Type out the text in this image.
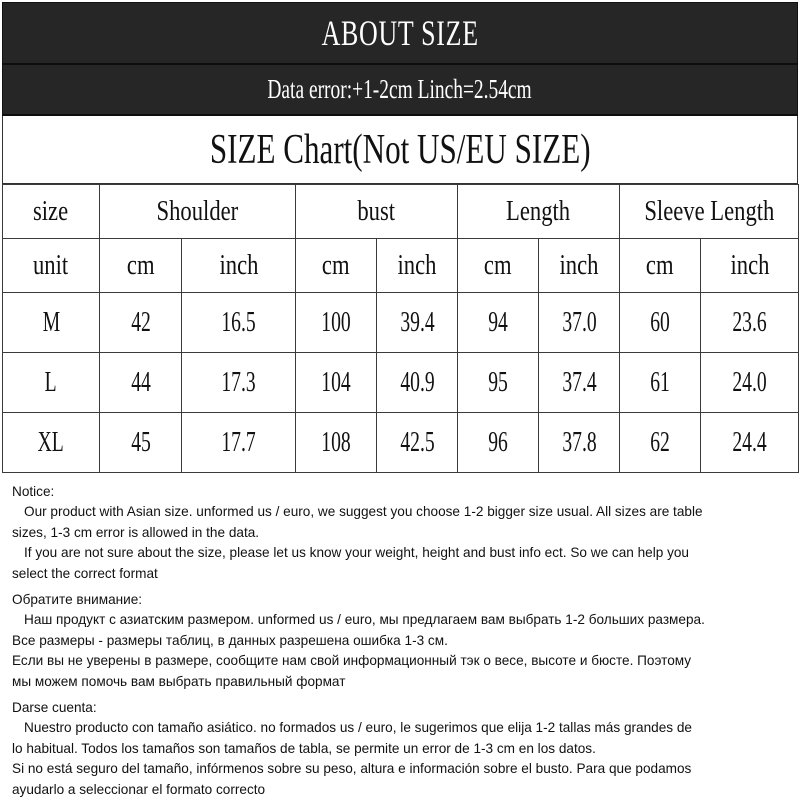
ABOUT SIZE
Data error:+1-2cm Linch=2.54cm
SIZE Chart(Not US/EU SIZE)
size	Shoulder		bust		Length		Sleeve Length	
unit	cm	inch	cm	inch	cm	inch	cm	inch
M	42	16.5	100	39.4	94	37.0	60	23.6
L	44	17.3	104	40.9	95	37.4	61	24.0
XL	45	17.7	108	42.5	96	37.8	62	24.4

Notice:

Our product with Asian size. unformed us / euro, we suggest you choose 1-2 bigger size usual. All sizes are table

sizes, 1-3 cm error is allowed in the data.

If you are not sure about the size, please let us know your weight, height and bust info ect. So we can help you

select the correct format

Обратите внимание:

Наш продукт с азиатским размером. unformed us / euro, мы предлагаем вам выбрать 1-2 больших размера.

Все размеры - размеры таблиц, в данных разрешена ошибка 1-3 см.

Если вы не уверены в размере, сообщите нам свой информационный тэк о весе, высоте и бюсте. Поэтому

мы можем помочь вам выбрать правильный формат

Darse cuenta:

Nuestro producto con tamaño asiático. no formados us / euro, le sugerimos que elija 1-2 tallas más grandes de

lo habitual. Todos los tamaños son tamaños de tabla, se permite un error de 1-3 cm en los datos.

Si no está seguro del tamaño, infórmenos sobre su peso, altura e información sobre el busto. Para que podamos

ayudarlo a seleccionar el formato correcto
